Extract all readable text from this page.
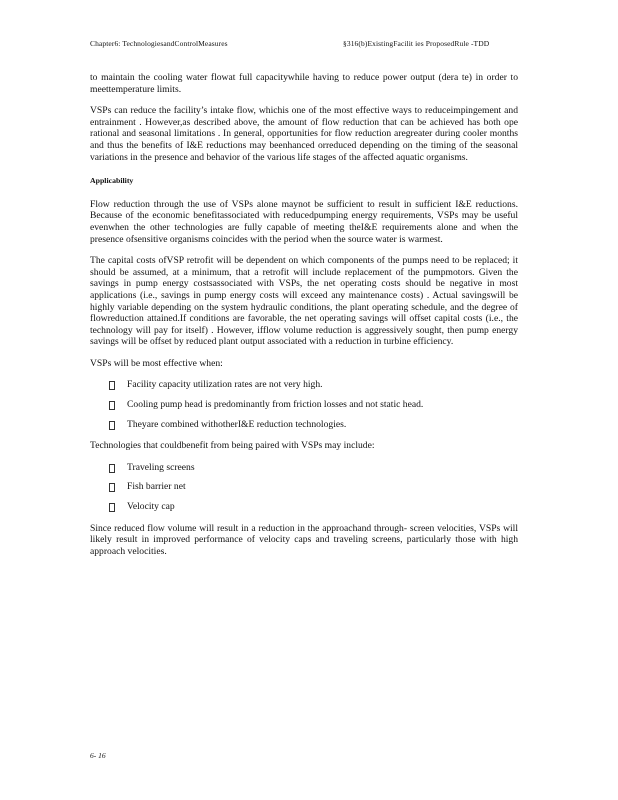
Chapter6: TechnologiesandControlMeasures	§316(b)ExistingFacilit ies ProposedRule -TDD

to maintain the cooling water flowat full capacitywhile having to reduce power output (dera te) in order to meettemperature limits.

VSPs can reduce the facility’s intake flow, whichis one of the most effective ways to reduceimpingement and entrainment . However,as described above, the amount of flow reduction that can be achieved has both ope rational and seasonal limitations . In general, opportunities for flow reduction aregreater during cooler months and thus the benefits of I&E reductions may beenhanced orreduced depending on the timing of the seasonal variations in the presence and behavior of the various life stages of the affected aquatic organisms.

Applicability

Flow reduction through the use of VSPs alone maynot be sufficient to result in sufficient I&E reductions. Because of the economic benefitassociated with reducedpumping energy requirements, VSPs may be useful evenwhen the other technologies are fully capable of meeting theI&E requirements alone and when the presence ofsensitive organisms coincides with the period when the source water is warmest.

The capital costs ofVSP retrofit will be dependent on which components of the pumps need to be replaced; it should be assumed, at a minimum, that a retrofit will include replacement of the pumpmotors. Given the savings in pump energy costsassociated with VSPs, the net operating costs should be negative in most applications (i.e., savings in pump energy costs will exceed any maintenance costs) . Actual savingswill be highly variable depending on the system hydraulic conditions, the plant operating schedule, and the degree of flowreduction attained.If conditions are favorable, the net operating savings will offset capital costs (i.e., the technology will pay for itself) . However, ifflow volume reduction is aggressively sought, then pump energy savings will be offset by reduced plant output associated with a reduction in turbine efficiency.

VSPs will be most effective when:

Facility capacity utilization rates are not very high.
Cooling pump head is predominantly from friction losses and not static head.
Theyare combined withotherI&E reduction technologies.

Technologies that couldbenefit from being paired with VSPs may include:

Traveling screens
Fish barrier net
Velocity cap

Since reduced flow volume will result in a reduction in the approachand through- screen velocities, VSPs will likely result in improved performance of velocity caps and traveling screens, particularly those with high approach velocities.

6- 16
